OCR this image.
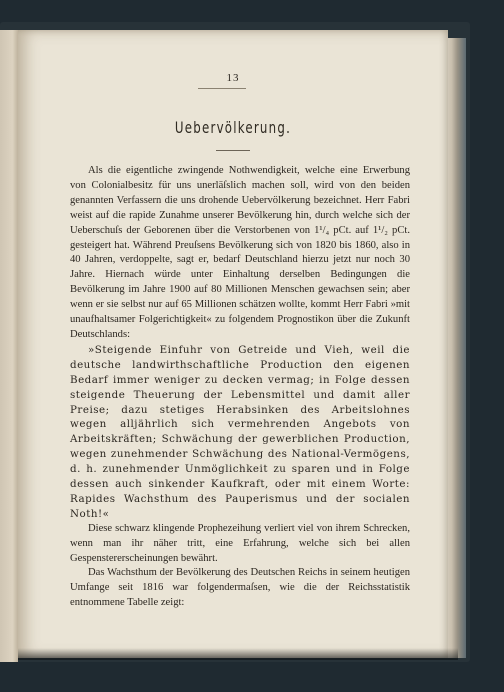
13
Uebervölkerung.

Als die eigentliche zwingende Nothwendigkeit, welche eine Erwerbung von Colonialbesitz für uns unerläſslich machen soll, wird von den beiden genannten Verfassern die uns drohende Uebervölkerung bezeichnet. Herr Fabri weist auf die rapide Zunahme unserer Bevölkerung hin, durch welche sich der Ueberschuſs der Geborenen über die Verstorbenen von 1¹/₄ pCt. auf 1¹/₂ pCt. gesteigert hat. Während Preuſsens Bevölkerung sich von 1820 bis 1860, also in 40 Jahren, verdoppelte, sagt er, bedarf Deutschland hierzu jetzt nur noch 30 Jahre. Hiernach würde unter Einhaltung derselben Bedingungen die Bevölkerung im Jahre 1900 auf 80 Millionen Menschen gewachsen sein; aber wenn er sie selbst nur auf 65 Millionen schätzen wollte, kommt Herr Fabri »mit unaufhaltsamer Folgerichtigkeit« zu folgendem Prognostikon über die Zukunft Deutschlands:

»Steigende Einfuhr von Getreide und Vieh, weil die deutsche landwirthschaftliche Production den eigenen Bedarf immer weniger zu decken vermag; in Folge dessen steigende Theuerung der Lebensmittel und damit aller Preise; dazu stetiges Herabsinken des Arbeitslohnes wegen alljährlich sich vermehrenden Angebots von Arbeitskräften; Schwächung der gewerblichen Production, wegen zunehmender Schwächung des National-Vermögens, d. h. zunehmender Unmöglichkeit zu sparen und in Folge dessen auch sinkender Kaufkraft, oder mit einem Worte: Rapides Wachsthum des Pauperismus und der socialen Noth!«

Diese schwarz klingende Prophezeihung verliert viel von ihrem Schrecken, wenn man ihr näher tritt, eine Erfahrung, welche sich bei allen Gespenstererscheinungen bewährt.

Das Wachsthum der Bevölkerung des Deutschen Reichs in seinem heutigen Umfange seit 1816 war folgendermaſsen, wie die der Reichsstatistik entnommene Tabelle zeigt:
